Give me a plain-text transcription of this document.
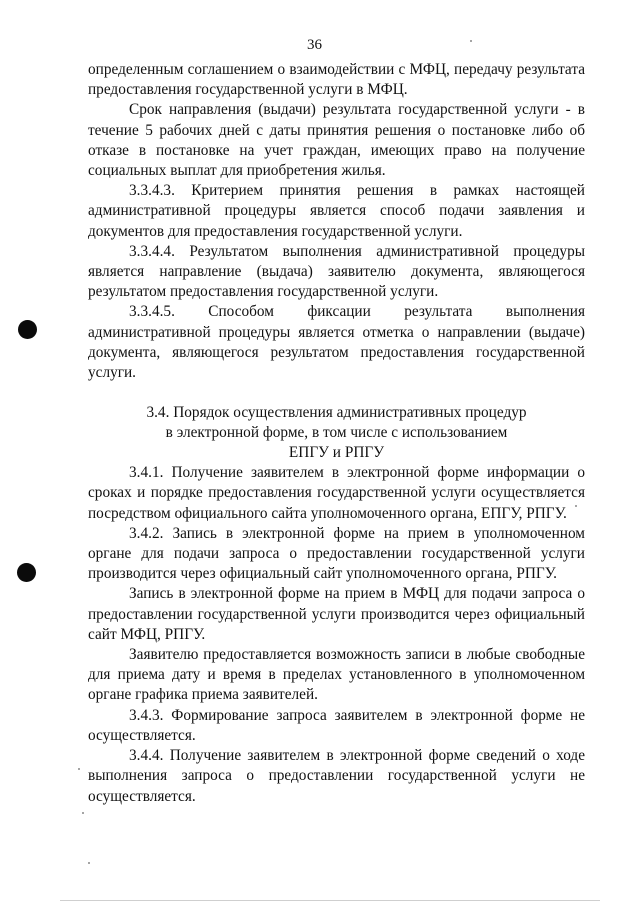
36

определенным соглашением о взаимодействии с МФЦ, передачу результата предоставления государственной услуги в МФЦ.

Срок направления (выдачи) результата государственной услуги - в течение 5 рабочих дней с даты принятия решения о постановке либо об отказе в постановке на учет граждан, имеющих право на получение социальных выплат для приобретения жилья.

3.3.4.3. Критерием принятия решения в рамках настоящей административной процедуры является способ подачи заявления и документов для предоставления государственной услуги.

3.3.4.4. Результатом выполнения административной процедуры является направление (выдача) заявителю документа, являющегося результатом предоставления государственной услуги.

3.3.4.5. Способом фиксации результата выполнения административной процедуры является отметка о направлении (выдаче) документа, являющегося результатом предоставления государственной услуги.

3.4. Порядок осуществления административных процедур
в электронной форме, в том числе с использованием
ЕПГУ и РПГУ

3.4.1. Получение заявителем в электронной форме информации о сроках и порядке предоставления государственной услуги осуществляется посредством официального сайта уполномоченного органа, ЕПГУ, РПГУ.

3.4.2. Запись в электронной форме на прием в уполномоченном органе для подачи запроса о предоставлении государственной услуги производится через официальный сайт уполномоченного органа, РПГУ.

Запись в электронной форме на прием в МФЦ для подачи запроса о предоставлении государственной услуги производится через официальный сайт МФЦ, РПГУ.

Заявителю предоставляется возможность записи в любые свободные для приема дату и время в пределах установленного в уполномоченном органе графика приема заявителей.

3.4.3. Формирование запроса заявителем в электронной форме не осуществляется.

3.4.4. Получение заявителем в электронной форме сведений о ходе выполнения запроса о предоставлении государственной услуги не осуществляется.
